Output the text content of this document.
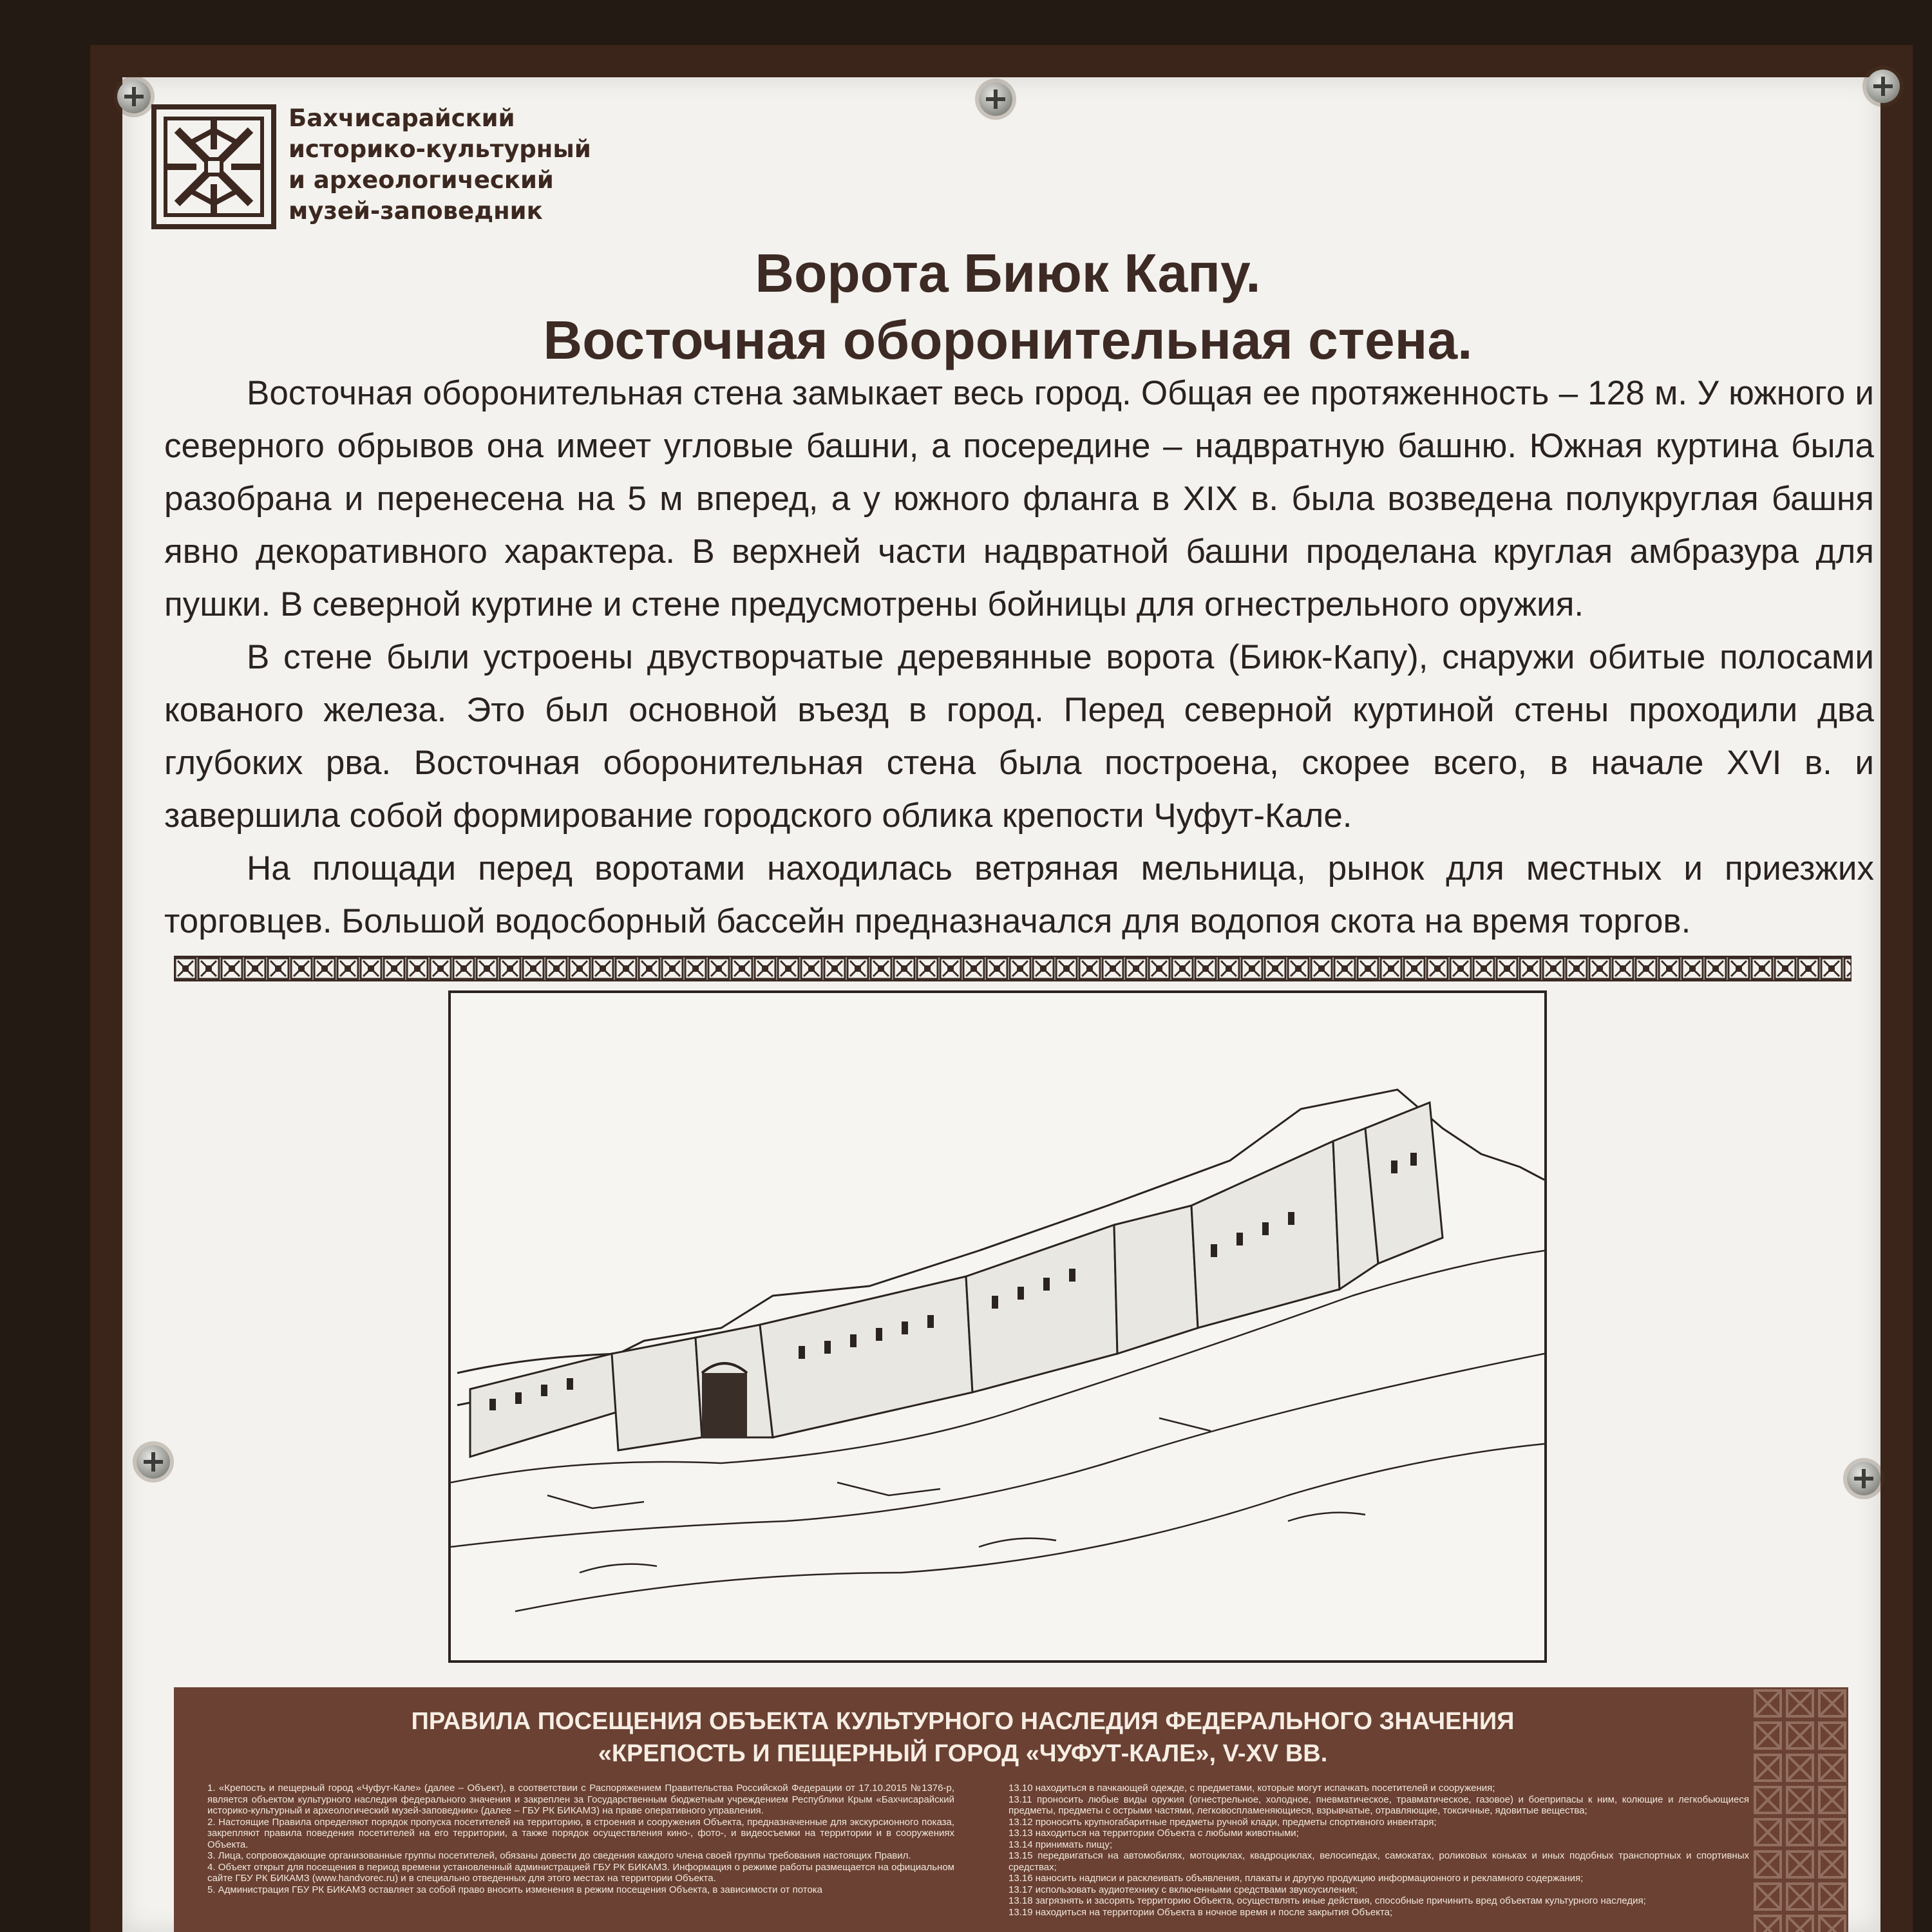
Бахчисарайский
историко-культурный
и археологический
музей-заповедник
Ворота Биюк Капу.
Восточная оборонительная стена.

Восточная оборонительная стена замыкает весь город. Общая ее протяженность – 128 м. У южного и северного обрывов она имеет угловые башни, а посередине – надвратную башню. Южная куртина была разобрана и перенесена на 5 м вперед, а у южного фланга в XIX в. была возведена полукруглая башня явно декоративного характера. В верхней части надвратной башни проделана круглая амбразура для пушки. В северной куртине и стене предусмотрены бойницы для огнестрельного оружия.

В стене были устроены двустворчатые деревянные ворота (Биюк-Капу), снаружи обитые полосами кованого железа. Это был основной въезд в город. Перед северной куртиной стены проходили два глубоких рва. Восточная оборонительная стена была построена, скорее всего, в начале XVI в. и завершила собой формирование городского облика крепости Чуфут-Кале.

На площади перед воротами находилась ветряная мельница, рынок для местных и приезжих торговцев. Большой водосборный бассейн предназначался для водопоя скота на время торгов.

ПРАВИЛА ПОСЕЩЕНИЯ ОБЪЕКТА КУЛЬТУРНОГО НАСЛЕДИЯ ФЕДЕРАЛЬНОГО ЗНАЧЕНИЯ
«КРЕПОСТЬ И ПЕЩЕРНЫЙ ГОРОД «ЧУФУТ-КАЛЕ», V-XV ВВ.
1. «Крепость и пещерный город «Чуфут-Кале» (далее – Объект), в соответствии с Распоряжением Правительства Российской Федерации от 17.10.2015 №1376-р, является объектом культурного наследия федерального значения и закреплен за Государственным бюджетным учреждением Республики Крым «Бахчисарайский историко-культурный и археологический музей-заповедник» (далее – ГБУ РК БИКАМЗ) на праве оперативного управления.
2. Настоящие Правила определяют порядок пропуска посетителей на территорию, в строения и сооружения Объекта, предназначенные для экскурсионного показа, закрепляют правила поведения посетителей на его территории, а также порядок осуществления кино-, фото-, и видеосъемки на территории и в сооружениях Объекта.
3. Лица, сопровождающие организованные группы посетителей, обязаны довести до сведения каждого члена своей группы требования настоящих Правил.
4. Объект открыт для посещения в период времени установленный администрацией ГБУ РК БИКАМЗ. Информация о режиме работы размещается на официальном сайте ГБУ РК БИКАМЗ (www.handvorec.ru) и в специально отведенных для этого местах на территории Объекта.
5. Администрация ГБУ РК БИКАМЗ оставляет за собой право вносить изменения в режим посещения Объекта, в зависимости от потока
13.10 находиться в пачкающей одежде, с предметами, которые могут испачкать посетителей и сооружения;
13.11 проносить любые виды оружия (огнестрельное, холодное, пневматическое, травматическое, газовое) и боеприпасы к ним, колющие и легкобьющиеся предметы, предметы с острыми частями, легковоспламеняющиеся, взрывчатые, отравляющие, токсичные, ядовитые вещества;
13.12 проносить крупногабаритные предметы ручной клади, предметы спортивного инвентаря;
13.13 находиться на территории Объекта с любыми животными;
13.14 принимать пищу;
13.15 передвигаться на автомобилях, мотоциклах, квадроциклах, велосипедах, самокатах, роликовых коньках и иных подобных транспортных и спортивных средствах;
13.16 наносить надписи и расклеивать объявления, плакаты и другую продукцию информационного и рекламного содержания;
13.17 использовать аудиотехнику с включенными средствами звукоусиления;
13.18 загрязнять и засорять территорию Объекта, осуществлять иные действия, способные причинить вред объектам культурного наследия;
13.19 находиться на территории Объекта в ночное время и после закрытия Объекта;
